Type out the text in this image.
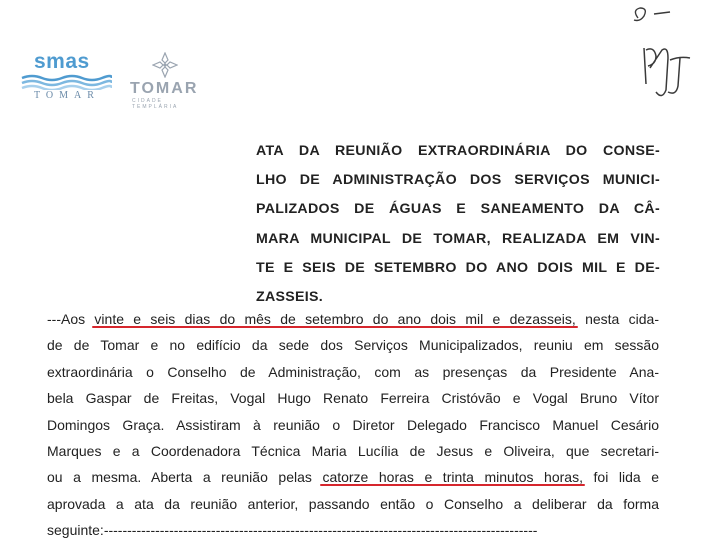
smas
TOMAR TOMAR
CIDADE TEMPLÁRIA
ATA DA REUNIÃO EXTRAORDINÁRIA DO CONSE-
LHO DE ADMINISTRAÇÃO DOS SERVIÇOS MUNICI-
PALIZADOS DE ÁGUAS E SANEAMENTO DA CÂ-
MARA MUNICIPAL DE TOMAR, REALIZADA EM VIN-
TE E SEIS DE SETEMBRO DO ANO DOIS MIL E DE-
ZASSEIS.
---Aos vinte e seis dias do mês de setembro do ano dois mil e dezasseis, nesta cida-
de de Tomar e no edifício da sede dos Serviços Municipalizados, reuniu em sessão
extraordinária o Conselho de Administração, com as presenças da Presidente Ana-
bela Gaspar de Freitas, Vogal Hugo Renato Ferreira Cristóvão e Vogal Bruno Vítor
Domingos Graça. Assistiram à reunião o Diretor Delegado Francisco Manuel Cesário
Marques e a Coordenadora Técnica Maria Lucília de Jesus e Oliveira, que secretari-
ou a mesma. Aberta a reunião pelas catorze horas e trinta minutos horas, foi lida e
aprovada a ata da reunião anterior, passando então o Conselho a deliberar da forma
seguinte:---------------------------------------------------------------------------------------------
